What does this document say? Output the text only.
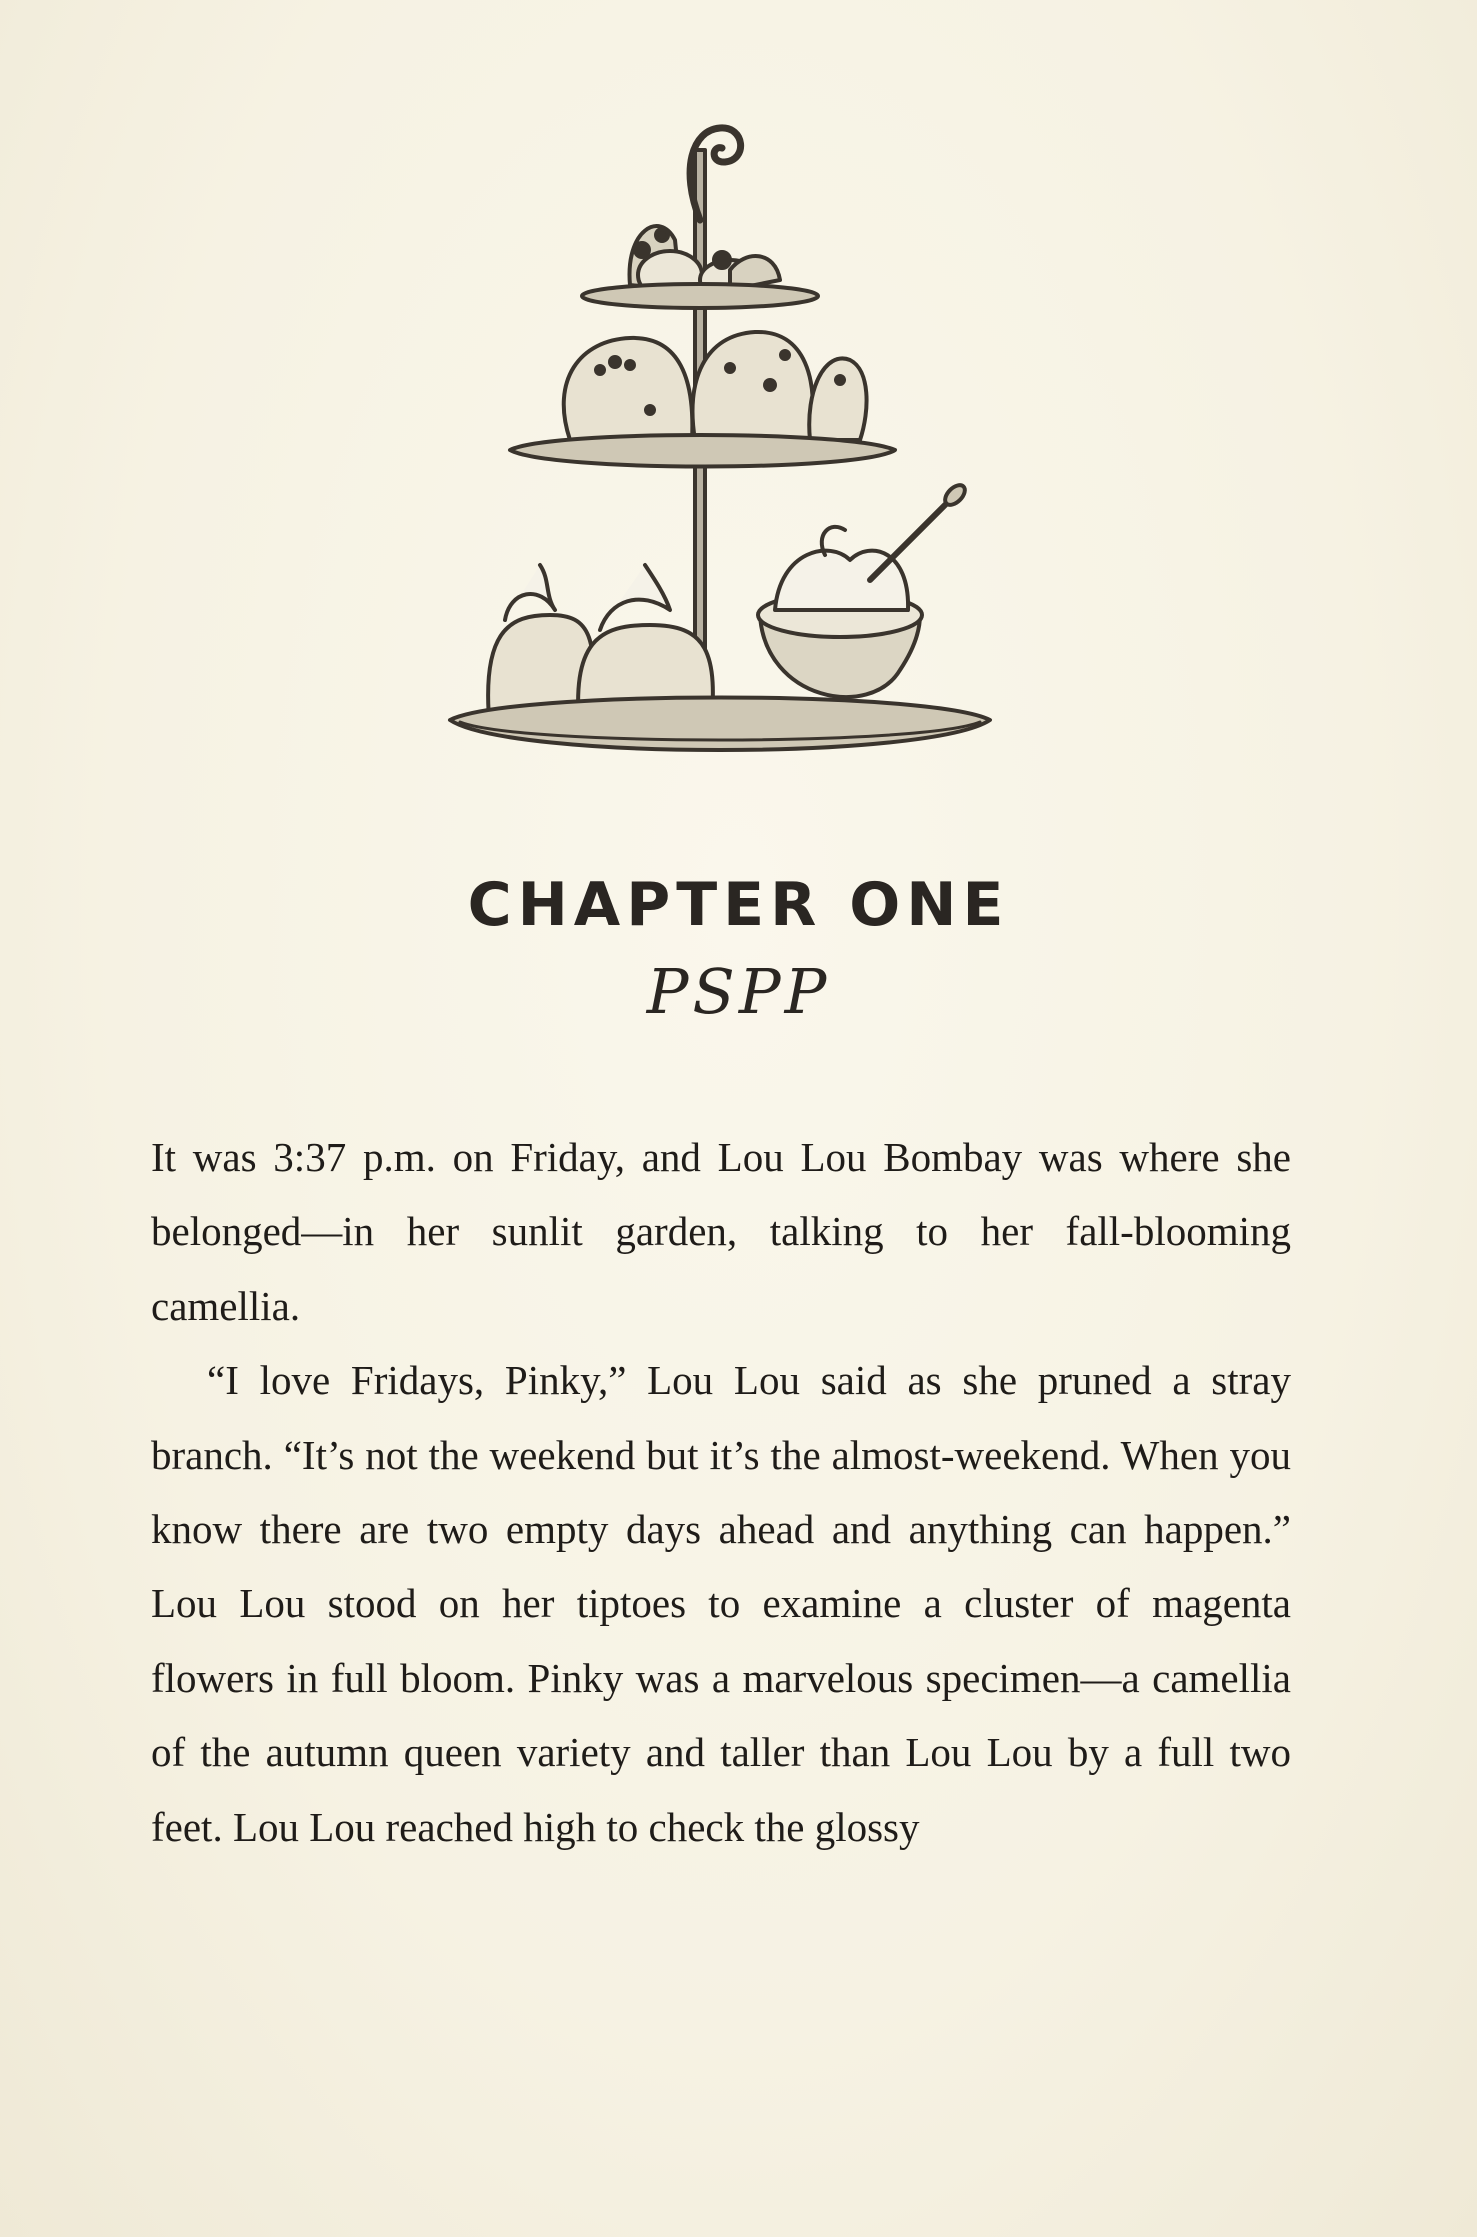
CHAPTER ONE
PSPP

It was 3:37 p.m. on Friday, and Lou Lou Bombay was where she belonged—in her sunlit garden, talking to her fall-blooming camellia.

“I love Fridays, Pinky,” Lou Lou said as she pruned a stray branch. “It’s not the weekend but it’s the almost-weekend. When you know there are two empty days ahead and anything can happen.” Lou Lou stood on her tiptoes to examine a cluster of magenta flowers in full bloom. Pinky was a marvelous specimen—a camellia of the autumn queen variety and taller than Lou Lou by a full two feet. Lou Lou reached high to check the glossy
